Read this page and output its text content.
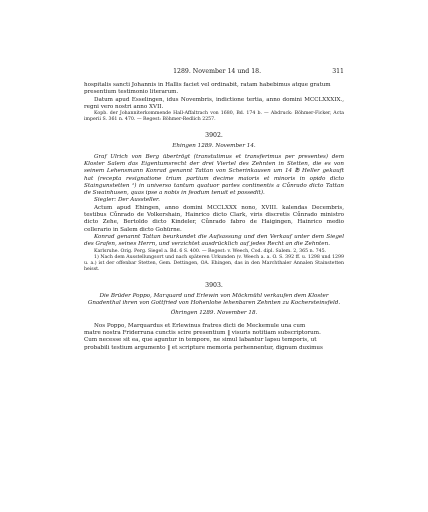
1289. November 14 und 18.	311

hospitalis sancti Johannis in Hallis faciet vel ordinabit, ratam habebimus atque gratum

presentium testimonio literarum.

Datum apud Esselingen, idus Novembris, indictione tertia, anno domini MCCLXXXIX., regni vero nostri anno XVII.

Kopb. der Johanniterkommende Hall-Affaltrach von 1680, Bd. 174 b. — Abdruck: Böhmer-Ficker, Acta imperii S. 361 n. 470. — Regest: Böhmer-Redlich 2257.

3902.
Ehingen 1289. November 14.

Graf Ulrich von Berg übertrögt (transtulimus et transferimus per presentes) dem Kloster Salem das Eigentumsrecht der drei Viertel des Zehnten in Stetten, die es von seinem Lehensmann Konrad genannt Tattan von Scherinkausen um 14 ℔ Heller gekauft hat (recepta resignatione trium partium decime maioris et minoris in opido dicto Staingunstetten ¹) in universo tantum quatuor partes continentis a Cůnrado dicto Tattan de Swainhusen, quas ipse a nobis in feodum tenuit et possedit).

Siegler: Der Aussteller.

Actum apud Ehingen, anno domini MCCLXXX nono, XVIII. kalendas Decembris, testibus Cůnrado de Volkershain, Hainrico dicto Clark, viris discretis Cůnrado ministro dicto Zehe, Bertoldo dicto Kindeler, Cůnrado fabro de Haigingen, Hainrico medio cellerario in Salem dicto Gohürne.

Konrad genannt Tattan beurkundet die Aufsassung und den Verkauf unter dem Siegel des Grafen, seines Herrn, und verzichtet ausdrücklich auf jedes Recht an die Zehnten.

Karlsruhe. Orig. Perg. Siegel a. Bd. 6 S. 400. — Regest: v. Weech, Cod. dipl. Salem. 2, 365 n. 745.

1) Nach dem Ausstellungsort und nach späteren Urkunden (v. Weech a. a. O. S. 392 ff. u. 1298 und 1299 u. a.) ist der offenbar Stetten, Gem. Dettingen, OA. Ehingen, das in den Marchthaler Annalen Stainstetten heisst.

3903.

Die Brüder Poppo, Marquard und Erlewin von Möckmühl verkaufen dem Kloster Gnadenthal ihren von Gottfried von Hohenlohe lehenbaren Zehnten zu Kochersteinsfeld.

Öhringen 1289. November 18.

Nos Poppo, Marquardus et Erlewinus fratres dicti de Meckemule una cum

matre nostra Friderruna cunctis scire presentium ‖ visuris notitiam subscriptorum.

Cum necesse sit ea, que aguntur in tempore, ne simul labantur lapsu temporis, ut

probabili testium argumento ‖ et scripture memoria perhennentur, dignum duximus
